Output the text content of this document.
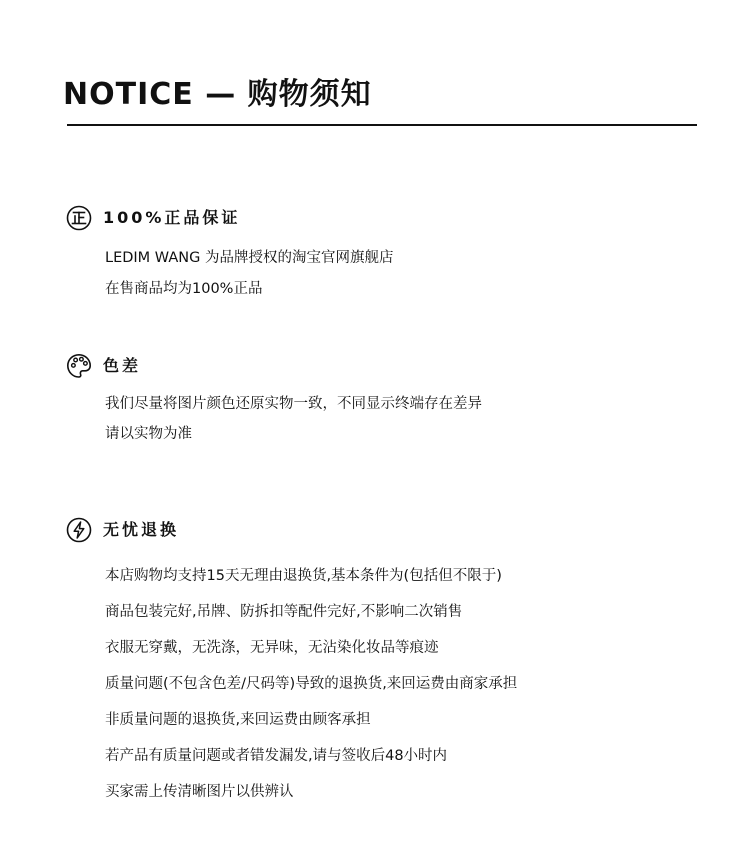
NOTICE — 购物须知
100%正品保证
LEDIM WANG 为品牌授权的淘宝官网旗舰店
在售商品均为100%正品
色差
我们尽量将图片颜色还原实物一致，不同显示终端存在差异
请以实物为准
无忧退换
本店购物均支持15天无理由退换货,基本条件为(包括但不限于)
商品包装完好,吊牌、防拆扣等配件完好,不影响二次销售
衣服无穿戴，无洗涤，无异味，无沾染化妆品等痕迹
质量问题(不包含色差/尺码等)导致的退换货,来回运费由商家承担
非质量问题的退换货,来回运费由顾客承担
若产品有质量问题或者错发漏发,请与签收后48小时内
买家需上传清晰图片以供辨认
